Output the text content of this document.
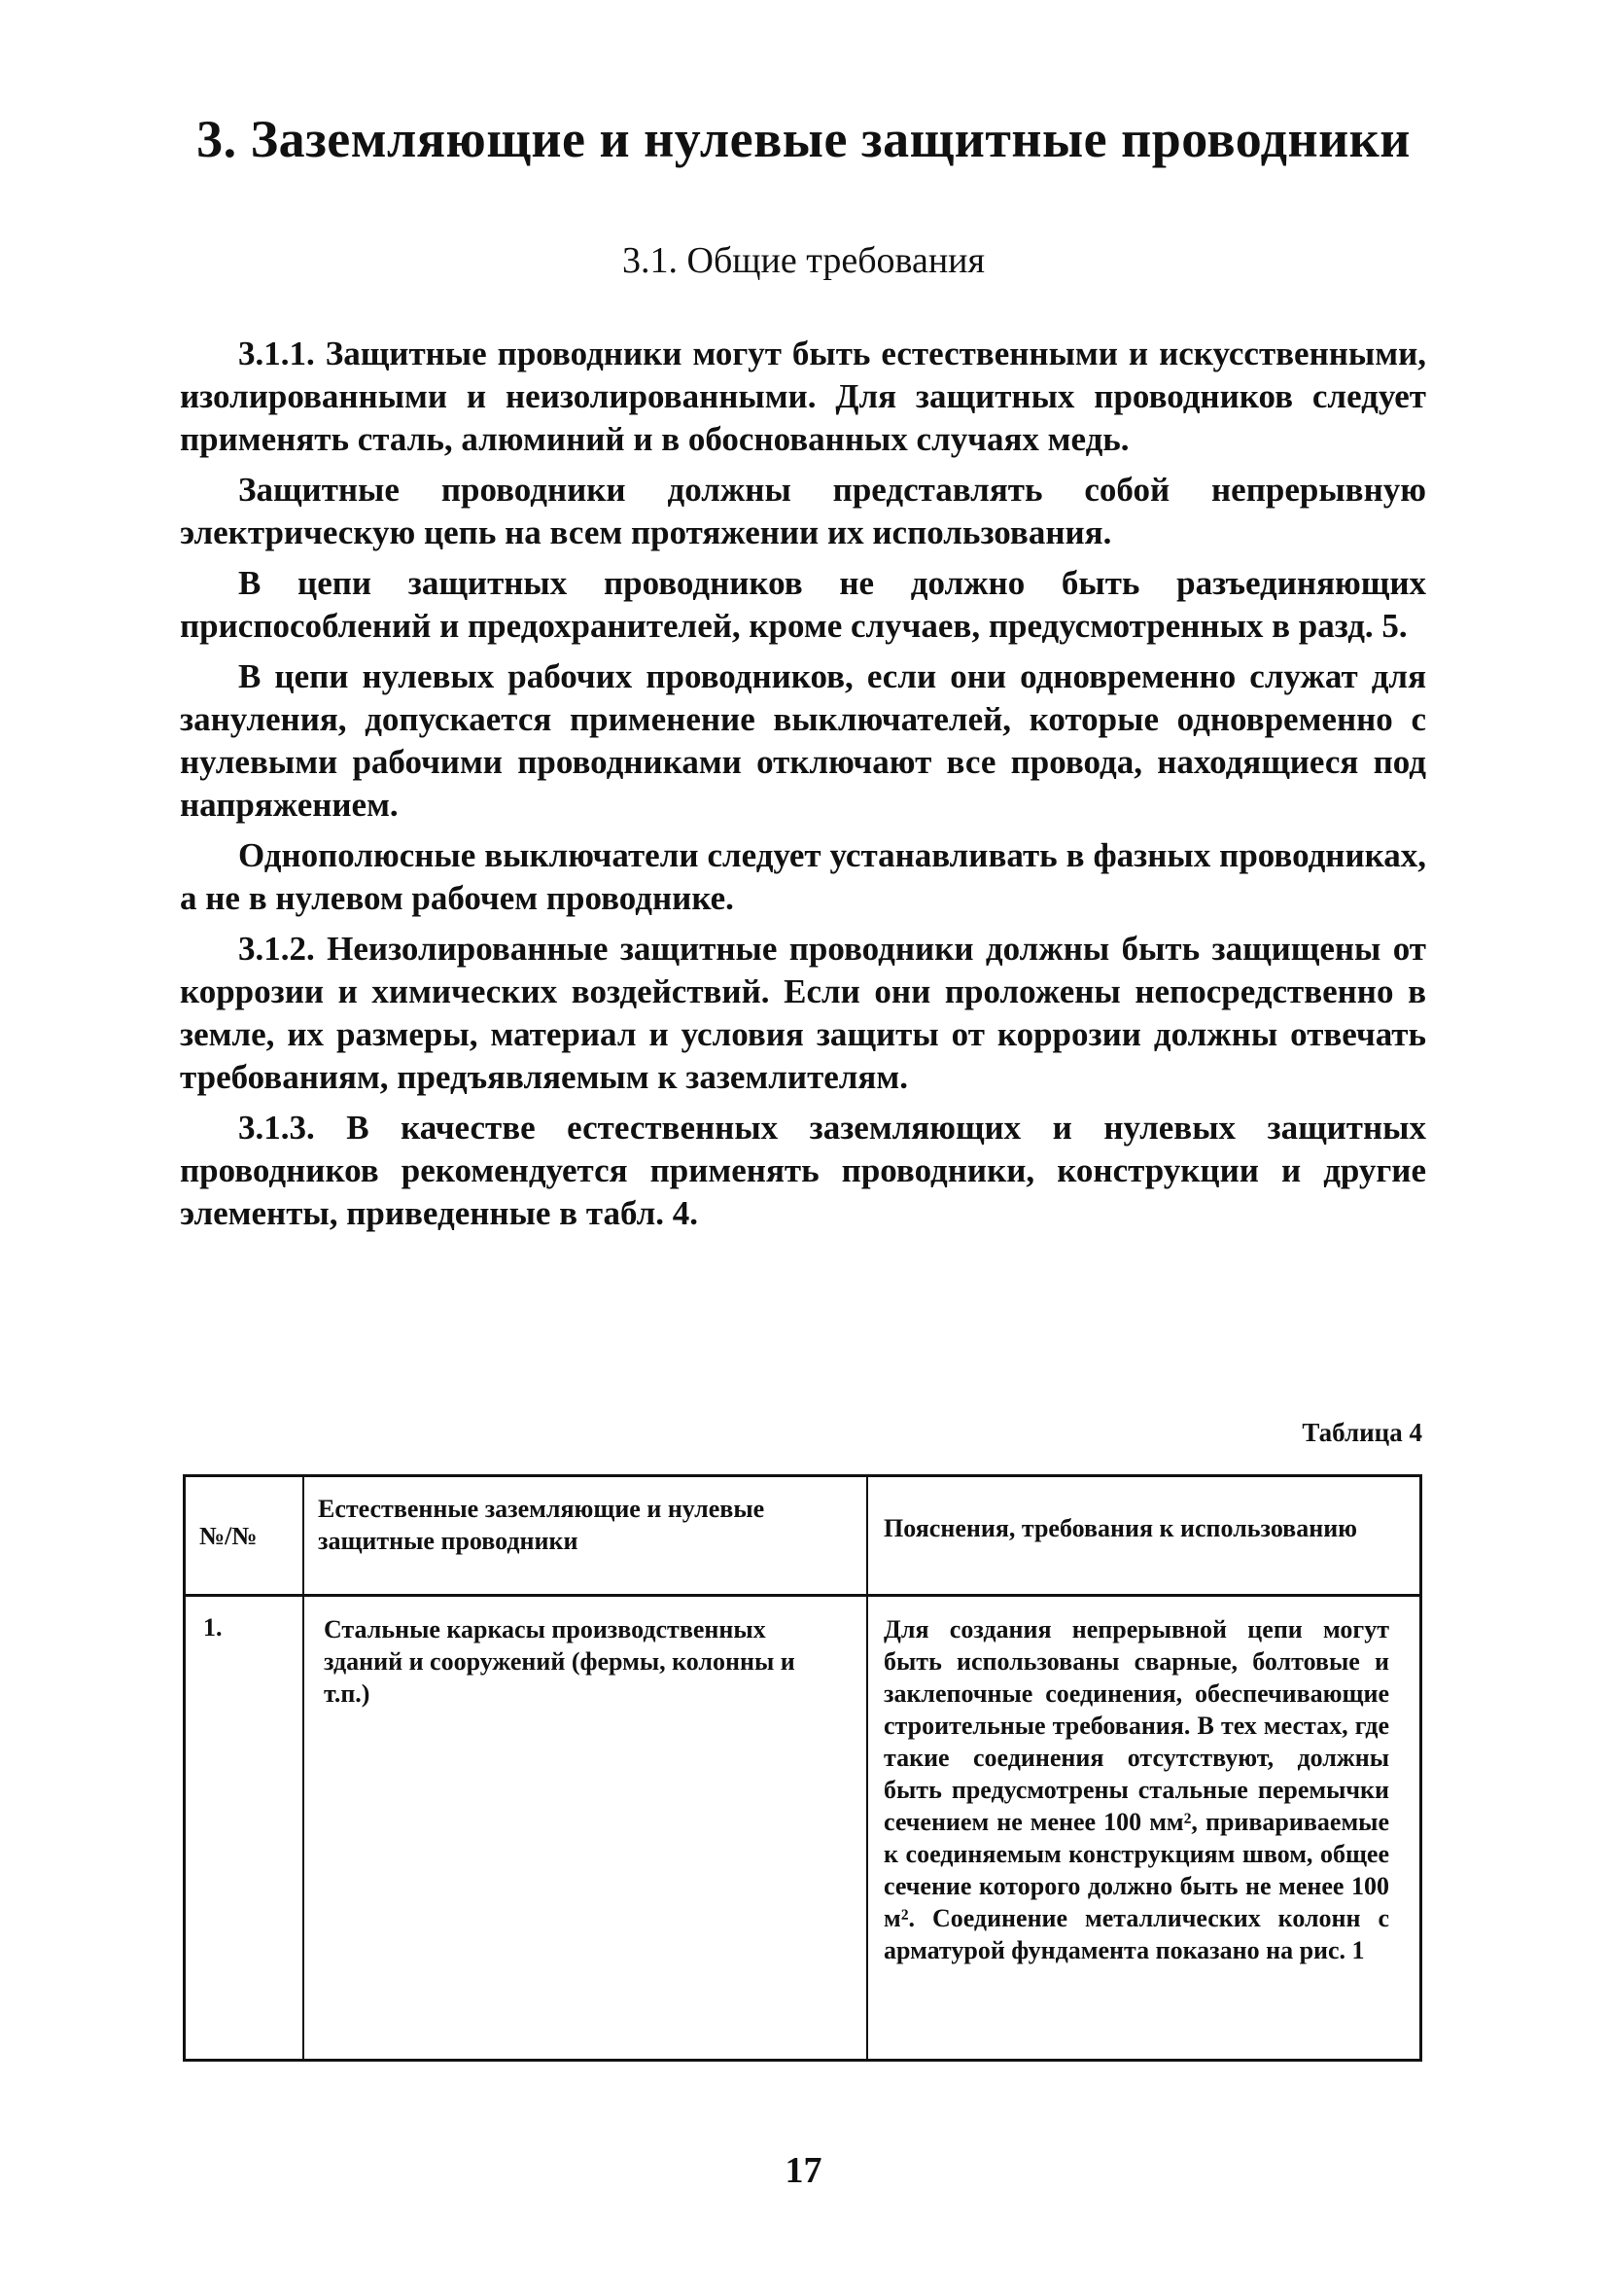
3. Заземляющие и нулевые защитные проводники
3.1. Общие требования

3.1.1. Защитные проводники могут быть естественными и искусственными, изолированными и неизолированными. Для защитных проводников следует применять сталь, алюминий и в обоснованных случаях медь.

Защитные проводники должны представлять собой непрерывную электрическую цепь на всем протяжении их использования.

В цепи защитных проводников не должно быть разъединяющих приспособлений и предохранителей, кроме случаев, предусмотренных в разд. 5.

В цепи нулевых рабочих проводников, если они одновременно служат для зануления, допускается применение выключателей, которые одновременно с нулевыми рабочими проводниками отключают все провода, находящиеся под напряжением.

Однополюсные выключатели следует устанавливать в фазных проводниках, а не в нулевом рабочем проводнике.

3.1.2. Неизолированные защитные проводники должны быть защищены от коррозии и химических воздействий. Если они проложены непосредственно в земле, их размеры, материал и условия защиты от коррозии должны отвечать требованиям, предъявляемым к заземлителям.

3.1.3. В качестве естественных заземляющих и нулевых защитных проводников рекомендуется применять проводники, конструкции и другие элементы, приведенные в табл. 4.

Таблица 4
№/№
Естественные заземляющие и нулевые защитные проводники	Пояснения, требования к использованию
1.	Стальные каркасы производственных зданий и сооружений (фермы, колонны и т.п.)
Для создания непрерывной цепи могут быть использованы сварные, болтовые и заклепочные соединения, обеспечивающие строительные требования. В тех местах, где такие соединения отсутствуют, должны быть предусмотрены стальные перемычки сечением не менее 100 мм², привариваемые к соединяемым конструкциям швом, общее сечение которого должно быть не менее 100 м². Соединение металлических колонн с арматурой фундамента показано на рис. 1
17
